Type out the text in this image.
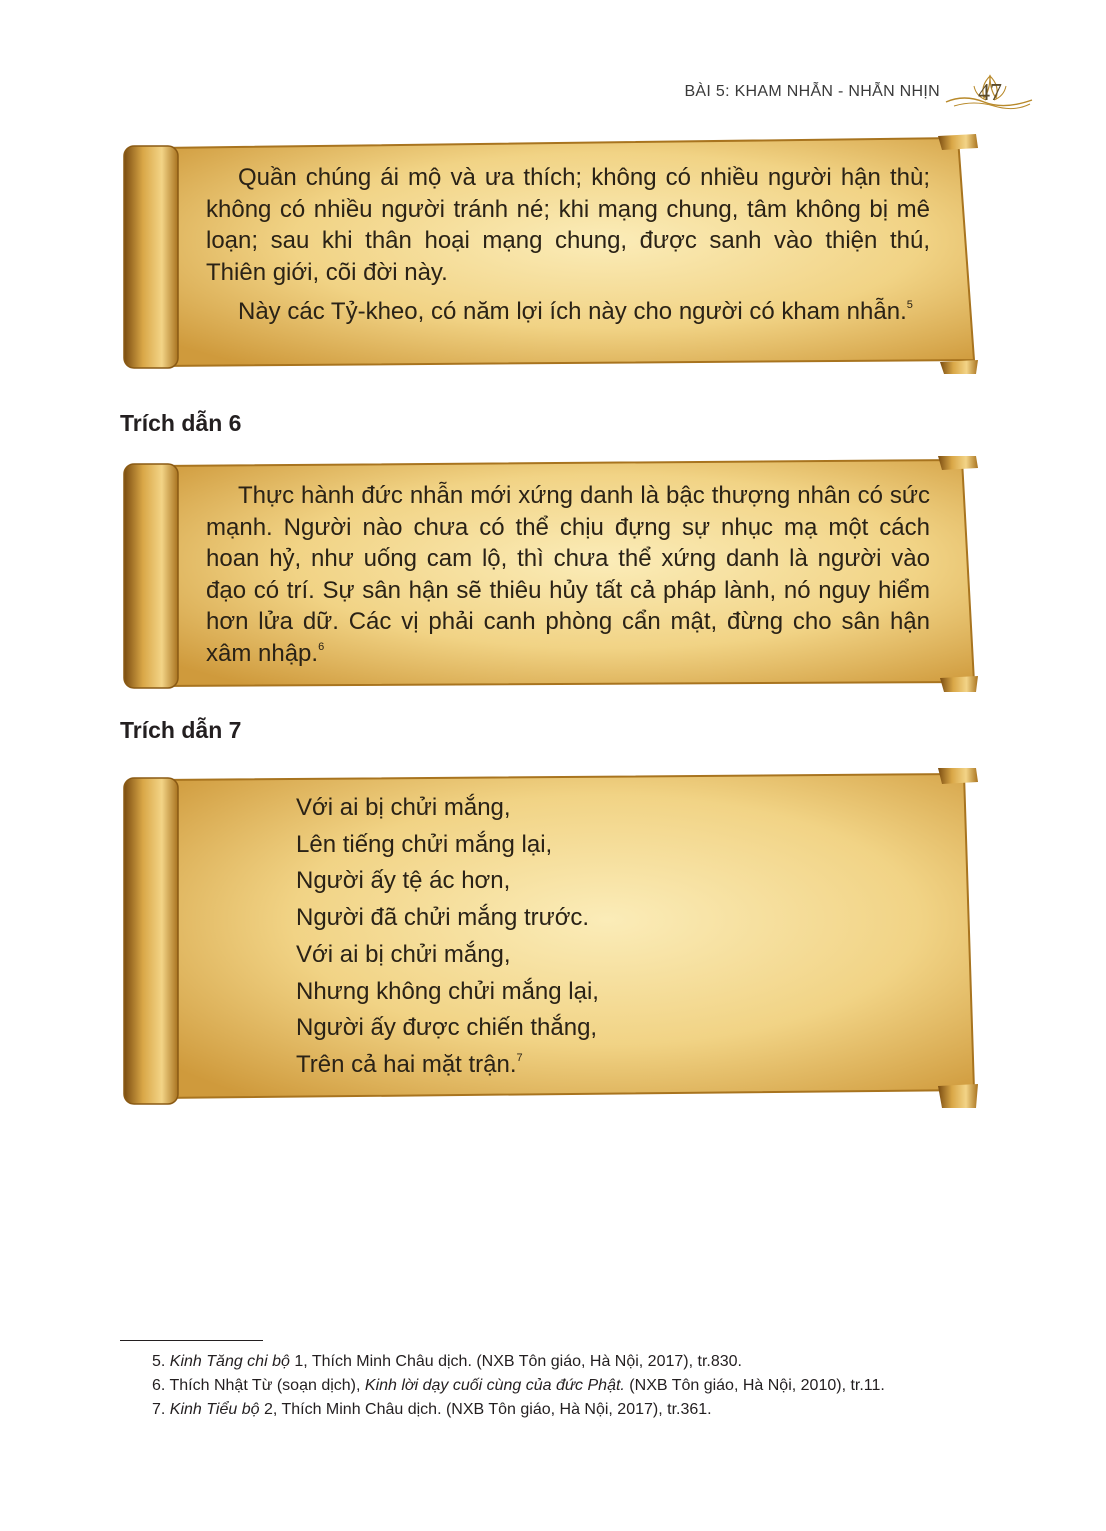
BÀI 5: KHAM NHẪN - NHẪN NHỊN	47

Quần chúng ái mộ và ưa thích; không có nhiều người hận thù; không có nhiều người tránh né; khi mạng chung, tâm không bị mê loạn; sau khi thân hoại mạng chung, được sanh vào thiện thú, Thiên giới, cõi đời này.

Này các Tỷ-kheo, có năm lợi ích này cho người có kham nhẫn.$^5$

Trích dẫn 6

Thực hành đức nhẫn mới xứng danh là bậc thượng nhân có sức mạnh. Người nào chưa có thể chịu đựng sự nhục mạ một cách hoan hỷ, như uống cam lộ, thì chưa thể xứng danh là người vào đạo có trí. Sự sân hận sẽ thiêu hủy tất cả pháp lành, nó nguy hiểm hơn lửa dữ. Các vị phải canh phòng cẩn mật, đừng cho sân hận xâm nhập.$^6$

Trích dẫn 7
Với ai bị chửi mắng,
Lên tiếng chửi mắng lại,
Người ấy tệ ác hơn,
Người đã chửi mắng trước.
Với ai bị chửi mắng,
Nhưng không chửi mắng lại,
Người ấy được chiến thắng,
Trên cả hai mặt trận.$^7$
5. Kinh Tăng chi bộ 1, Thích Minh Châu dịch. (NXB Tôn giáo, Hà Nội, 2017), tr.830.
6. Thích Nhật Từ (soạn dịch), Kinh lời dạy cuối cùng của đức Phật. (NXB Tôn giáo, Hà Nội, 2010), tr.11.
7. Kinh Tiểu bộ 2, Thích Minh Châu dịch. (NXB Tôn giáo, Hà Nội, 2017), tr.361.
